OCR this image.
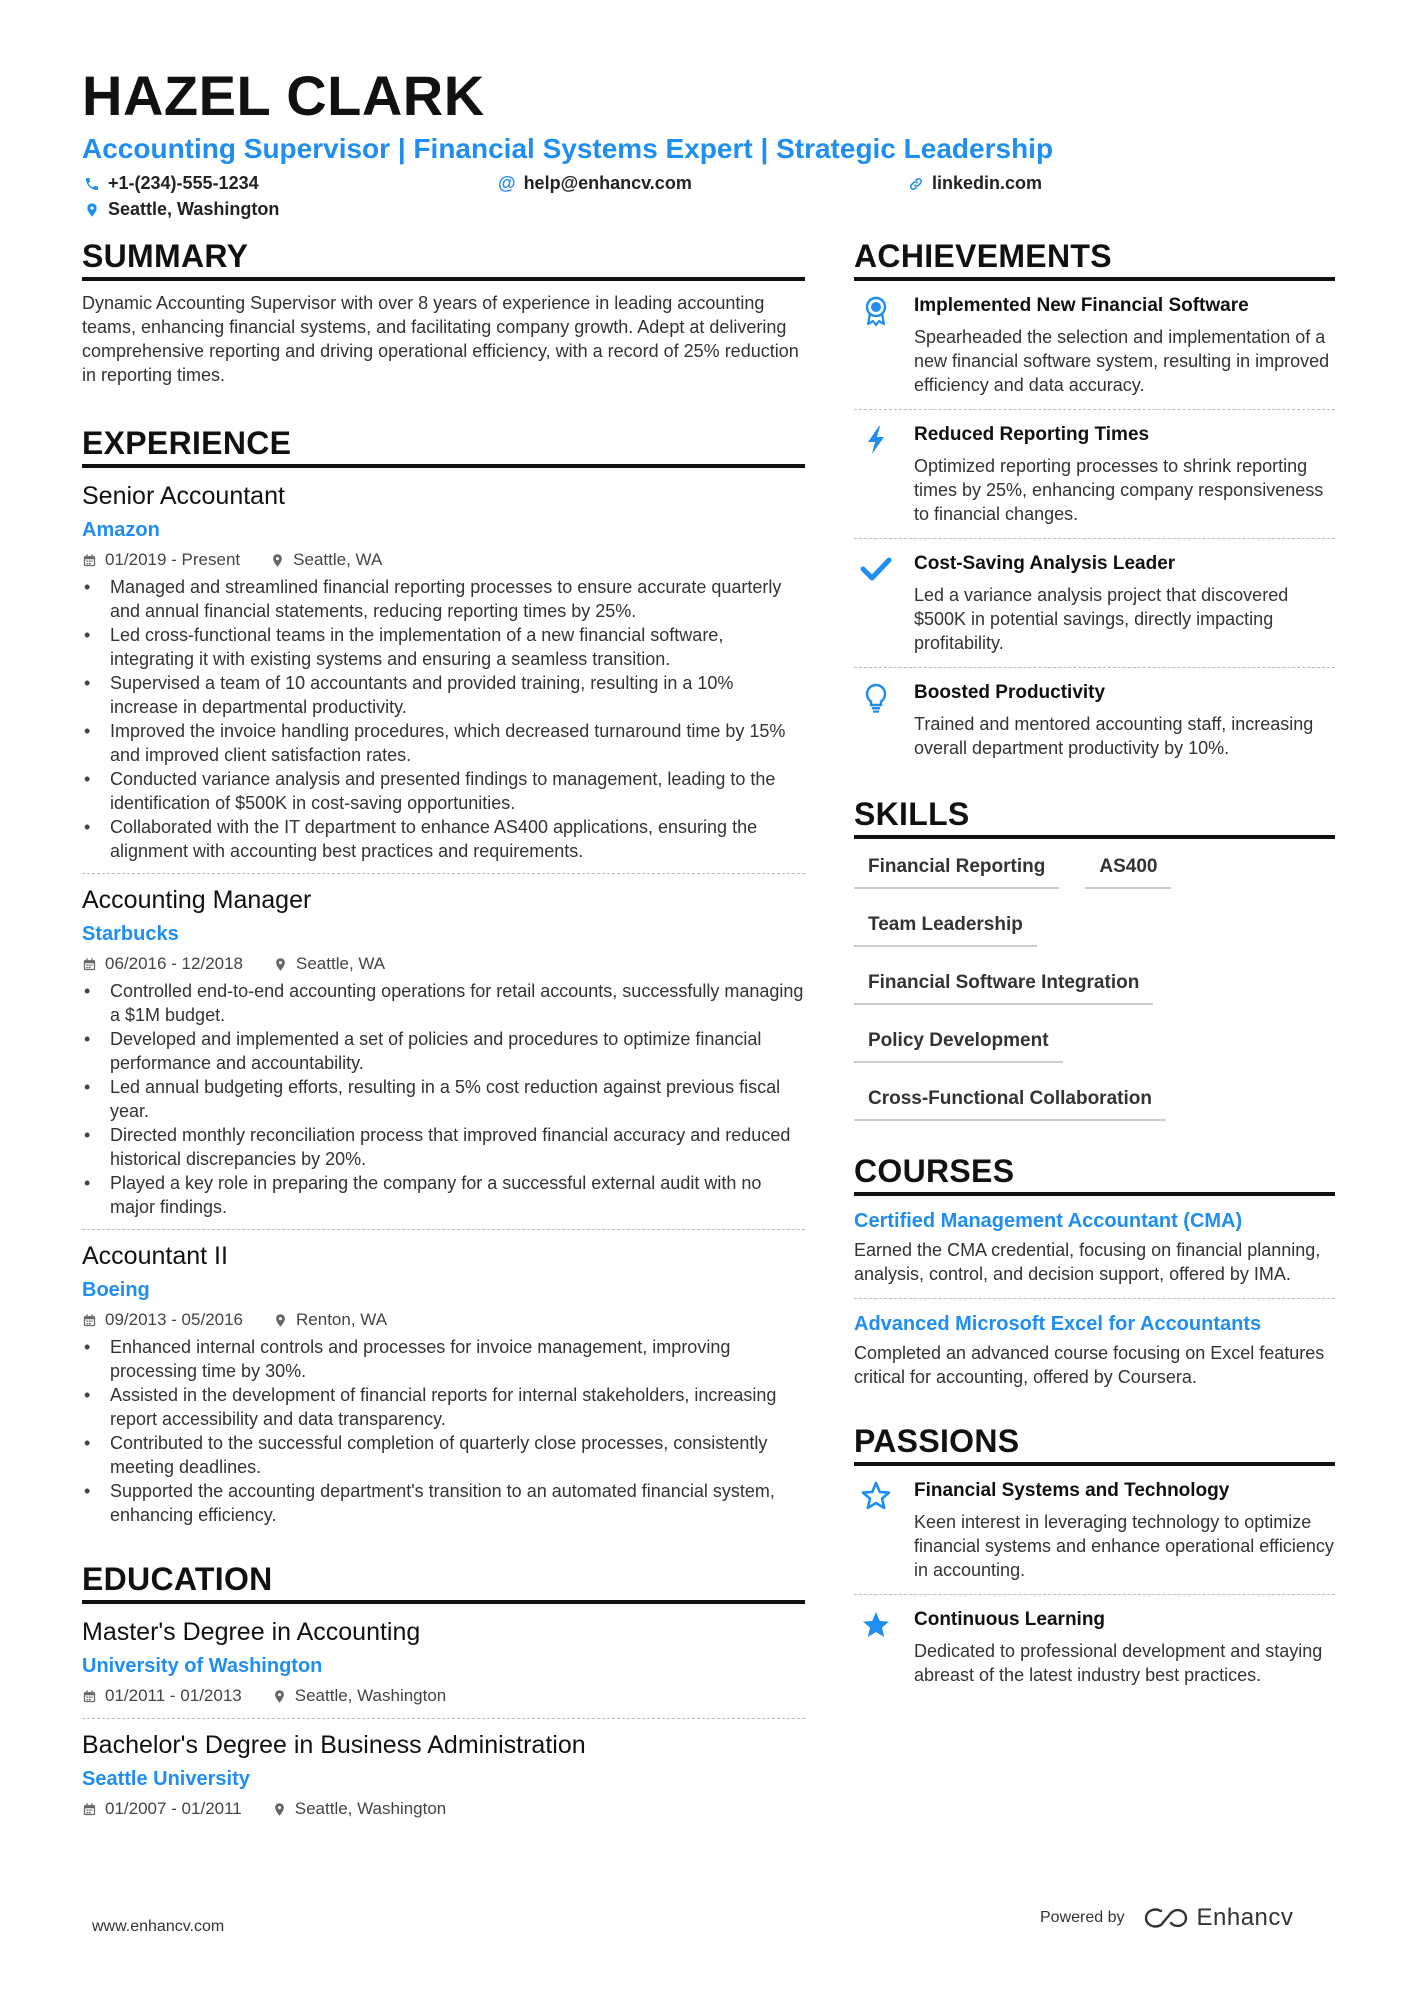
HAZEL CLARK
Accounting Supervisor | Financial Systems Expert | Strategic Leadership
+1-(234)-555-1234	@ help@enhancv.com	linkedin.com
Seattle, Washington
SUMMARY
Dynamic Accounting Supervisor with over 8 years of experience in leading accounting teams, enhancing financial systems, and facilitating company growth. Adept at delivering comprehensive reporting and driving operational efficiency, with a record of 25% reduction in reporting times.
EXPERIENCE
Senior Accountant
Amazon
01/2019 - Present	Seattle, WA
• Managed and streamlined financial reporting processes to ensure accurate quarterly and annual financial statements, reducing reporting times by 25%.
• Led cross-functional teams in the implementation of a new financial software, integrating it with existing systems and ensuring a seamless transition.
• Supervised a team of 10 accountants and provided training, resulting in a 10% increase in departmental productivity.
• Improved the invoice handling procedures, which decreased turnaround time by 15% and improved client satisfaction rates.
• Conducted variance analysis and presented findings to management, leading to the identification of $500K in cost-saving opportunities.
• Collaborated with the IT department to enhance AS400 applications, ensuring the alignment with accounting best practices and requirements.
Accounting Manager
Starbucks
06/2016 - 12/2018	Seattle, WA
• Controlled end-to-end accounting operations for retail accounts, successfully managing a $1M budget.
• Developed and implemented a set of policies and procedures to optimize financial performance and accountability.
• Led annual budgeting efforts, resulting in a 5% cost reduction against previous fiscal year.
• Directed monthly reconciliation process that improved financial accuracy and reduced historical discrepancies by 20%.
• Played a key role in preparing the company for a successful external audit with no major findings.
Accountant II
Boeing
09/2013 - 05/2016	Renton, WA
• Enhanced internal controls and processes for invoice management, improving processing time by 30%.
• Assisted in the development of financial reports for internal stakeholders, increasing report accessibility and data transparency.
• Contributed to the successful completion of quarterly close processes, consistently meeting deadlines.
• Supported the accounting department's transition to an automated financial system, enhancing efficiency.
EDUCATION
Master's Degree in Accounting
University of Washington
01/2011 - 01/2013	Seattle, Washington
Bachelor's Degree in Business Administration
Seattle University
01/2007 - 01/2011	Seattle, Washington
ACHIEVEMENTS
Implemented New Financial Software
Spearheaded the selection and implementation of a new financial software system, resulting in improved efficiency and data accuracy.
Reduced Reporting Times
Optimized reporting processes to shrink reporting times by 25%, enhancing company responsiveness to financial changes.
Cost-Saving Analysis Leader
Led a variance analysis project that discovered $500K in potential savings, directly impacting profitability.
Boosted Productivity
Trained and mentored accounting staff, increasing overall department productivity by 10%.
SKILLS
Financial Reporting	AS400
Team Leadership
Financial Software Integration
Policy Development
Cross-Functional Collaboration
COURSES
Certified Management Accountant (CMA)
Earned the CMA credential, focusing on financial planning, analysis, control, and decision support, offered by IMA.
Advanced Microsoft Excel for Accountants
Completed an advanced course focusing on Excel features critical for accounting, offered by Coursera.
PASSIONS
Financial Systems and Technology
Keen interest in leveraging technology to optimize financial systems and enhance operational efficiency in accounting.
Continuous Learning
Dedicated to professional development and staying abreast of the latest industry best practices.
www.enhancv.com
Powered by	Enhancv
